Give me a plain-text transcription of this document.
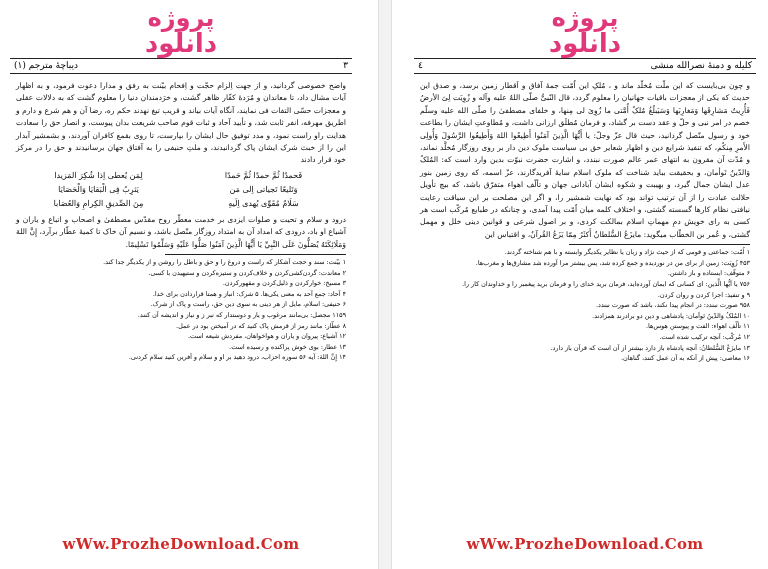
پروژه
دانلود
(۱) دیباچهٔ مترجم	۳

واضح خصوصی گردانید، و از جهت اِلزام حجّت و اِفحام بیّنت به رفق و مدارا دعوت فرمود، و به اظهار آیات مشال داد، تا معاندان و مُرَدهٔ کفّار ظاهر گشت، و خرَدمندان دنیا را معلوم گشت که به دلالات عقلی و معجزات حسّی التفات فی نمایند، آنگاه آیات بیاند و قریب تیغ نهدند حکم ره، رضا آن و هم شرع و دارم و اطریق مهرفه، انفر ثابت شد، و تأیید آحاد و ثبات قوم صاحب شریعت بدان پیوست، و انصار حق را سعادت هدایت راو راست نمود، و مدد توفیق حال ایشان را بپارست، تا روی بقمع کافران آوردند، و بشمشیر آبدار این را از خبث شرک ایشان پاک گردانیدند، و ملتِ حنیفی را به آفتاق جهان برسانیدند و حق را در مرکز خود قرار دادند

فَحمدًا ثُمَّ حمدًا ثُمَّ حَمدًا
لِمَن یُعطی اِذا شُکِرَ المَزیدا
وَتَلیعًا تَجیاتی اِلی مَن
یَثرِبُ فِی الْبَقایَا وَالْحَصَایَا
سَلَامٌ مُقَوِّی یُهدی اِلَیهِ
مِنَ الصِّدیقِ الکِرامِ وَالعُصَابا

درود و سلام و تحیت و صلوات ایزدی بر خدمت معطّر روح مقدّس مصطفیٰ و اصحاب و اتباع و یاران و آشیاع او باد، درودی که امداد آن به امتداد روزگار متّصل باشد، و نسیم آن خاک تا کمیهٔ عطّار برآرد، إِنَّ اللهَ وَمَلَائِكَتَهُ يُصَلُّونَ عَلَى النَّبِيِّ يَا أَيُّهَا الَّذِينَ آمَنُوا صَلُّوا عَلَيْهِ وَسَلِّمُوا تَسْلِيمًا.

۱ بیّنت: سند و حجت آشکار که راست و دروغ را و حق و باطل را روشن و از یکدیگر جدا کند.

۲ معاندت: گردن‌کشی‌کردن و خلاف‌کردن و ستیزه‌کردن و ستیهیدن با کسی.

۳ مسیخ: خوارکردن و ذلیل‌کردن و مقهورکردن.

۴ آحاد: جمع آحد به معنی یکی‌ها. ۵ شرک: انباز و همتا قراردادن برای خدا.

۶ حنیفی: اسلام، مایل از هر دینی به سوی دین حق، راست و پاک از شرک.

۱۱۵۹ مجصل: بی‌مانند مرغوب و یار و دوستدار که نبر ز و نیاز و اندیشه آن کنند.

۸ عطّار: مانند رمز از قرمش پاک کنید که در آمیختن بود در عمل.

۱۲ آشیاع: پیروان و یاران و هواخواهان، مفردش شیعه است.

۱۳ عطار: بوی خوش پراکنده و رسیده است.

۱۴ إِنَّ اللهَ: آیه ۵۶ سوره احزاب، درود دهید بر او و سلام و آفرین کنید سلام کردنی.

wWw.ProzheDownload.Com
پروژه
دانلود
٤	کلیله و دمنهٔ نصرالله منشی

و چون بی‌بایست که این ملّت مُخلّد ماند و ، مُلکِ این اُمّت جمهٔ آفاق و اَقطار زمین برسد، و صدق این حدیث که یکی از معجزات باقیات جهانیان را معلوم گردد، قال النّبیُّ صلّی اللهُ علیه وآله و زُوِیَت لِیَ الأرضُ فَأُرِیتُ مَشارِقَها وَمَغارِبَها وَسَیَبلُغُ مُلکُ أُمَّتی ما زُوِیَ لی مِنها، و خلفای مصطفیٰ را صلّی الله علیه وسلّم خصم در امر نبی و حلّ و عقد دست بر گشاد، و فرمان مُطلَق ارزانی داشت، و مُطاوعتِ ایشان را بطاعت خود و رسول متّصل گردانید، حیث قال عزّ وجلّ: یا أَیُّهَا الَّذِینَ آمَنُوا أَطِیعُوا اللهَ وَأَطِیعُوا الرَّسُولَ وَأُولِی الأَمرِ مِنکُم، که تنفیذ شرایع دین و اظهار شعایر حق بی سیاست ملوک دین دار بر روی روزگار مُخلَّد نماند، و مُدّت آن مقرون به انتهای عمر عالم صورت نبندد، و اشارت حضرت نبوّت بدین وارد است که: المُلکُ وَالدّینُ تَوأمان، و بحقیقت بباید شناخت که ملوک اسلام سایهٔ آفریدگارند، عزّ اسمه، که روی زمین بنور عدل ایشان جمال گیرد، و بهیبت و شکوه ایشان آبادانی جهان و تألّف اهواء متفرّق باشد، که بیچ تأویل حلالت عبادت را از آن ترتیب تواند بود که نهایت شمشیر را، و اگر این مصلحت بر این سیاقت رعایت نیافتی نظام کارها گسسته گشتی، و اختلاف کلمه میان اُمّت پیدا آمدی، و چنانکه در طبایع مُرکّب است هر کسی به رای خویش دمِ مهماتِ اسلام بمالکت کردی، و بر اصول شرعی و قوانین دینی خلل و مهمل گشتی، و عُمر بن الخطّاب میگوید: مایزَعُ السُّلطانُ أَکثَرُ مِمّا یَزَعُ القُرآنُ، و اقتباس این

۱ اُمّت: جماعتی و قومی که از حیث نژاد و زبان یا نظایر یکدیگر وابسته و با هم شناخته گردند.

۴۵۳ زُوِیَت: زمین از برای من در نوردیده و جمع کرده شد، پس بیشتر مرا آورده شد مشارق‌ها و مغرب‌ها.

۶ متوقّف: ایستاده و باز داشتن.

۷۵۶ یا اَیُّها الَّذین: ای کسانی که ایمان آورده‌اید، فرمان برید خدای را و فرمان برید پیغمبر را و خداوندان کار را.

۹ و تنفیذ: اجرا کردن و روان کردن.

۹۵۸ صورت نبندد: در انجام پیدا نکند، باشد که صورت نبندد.

۱۰ المُلکُ وَالدّینُ تَوأمان: پادشاهی و دین دو برادرند همزادند.

۱۱ تألّف اهواء: الفت و پیوستن هوس‌ها.

۱۲ مُرکّب: آنچه ترکیب شده است.

۱۳ مایزَعُ السُّلطانُ: آنچه پادشاه باز دارد بیشتر از آن است که قرآن باز دارد.

۱۶ معاصی: پیش از آنکه به آن عمل کنند، گناهان.

wWw.ProzheDownload.Com
